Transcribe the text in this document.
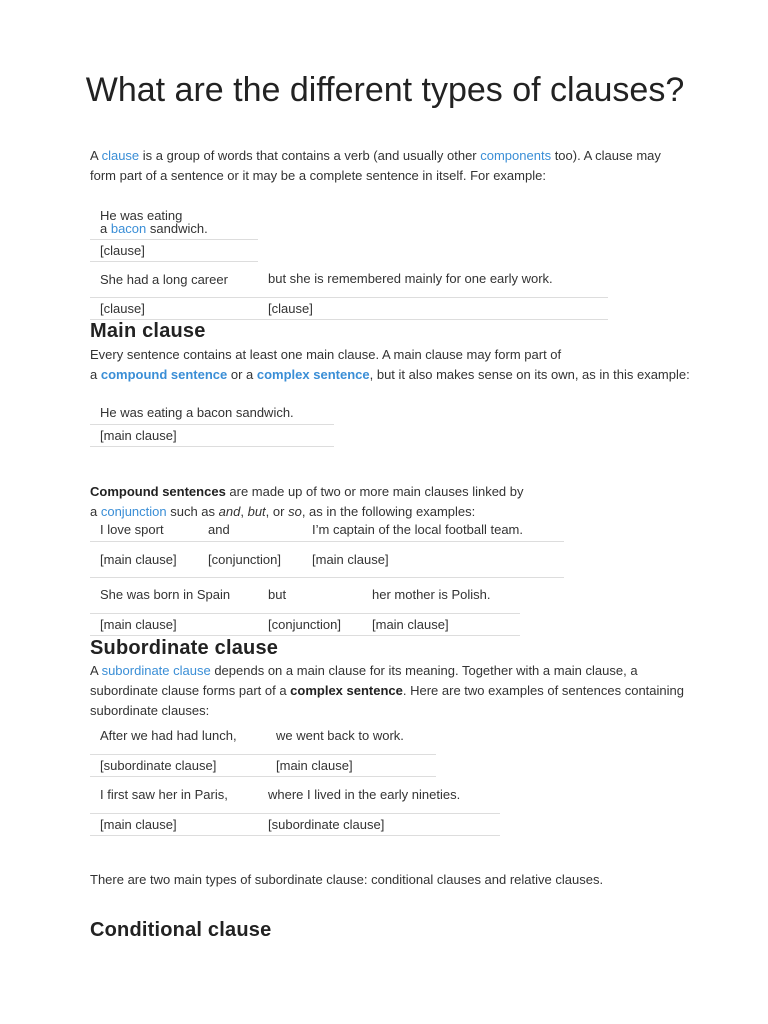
What are the different types of clauses?

A clause is a group of words that contains a verb (and usually other components too). A clause may form part of a sentence or it may be a complete sentence in itself. For example:

He was eating
a bacon sandwich.	
[clause]	
She had a long career	but she is remembered mainly for one early work.
[clause]	[clause]
Main clause

Every sentence contains at least one main clause. A main clause may form part of
a compound sentence or a complex sentence, but it also makes sense on its own, as in this example:

He was eating a bacon sandwich.
[main clause]

Compound sentences are made up of two or more main clauses linked by
a conjunction such as and, but, or so, as in the following examples:

I love sport	and	I’m captain of the local football team.
[main clause]	[conjunction]	[main clause]
She was born in Spain	but	her mother is Polish.
[main clause]	[conjunction]	[main clause]
Subordinate clause

A subordinate clause depends on a main clause for its meaning. Together with a main clause, a subordinate clause forms part of a complex sentence. Here are two examples of sentences containing subordinate clauses:

After we had had lunch,	we went back to work.
[subordinate clause]	[main clause]
I first saw her in Paris,	where I lived in the early nineties.
[main clause]	[subordinate clause]

There are two main types of subordinate clause: conditional clauses and relative clauses.

Conditional clause
